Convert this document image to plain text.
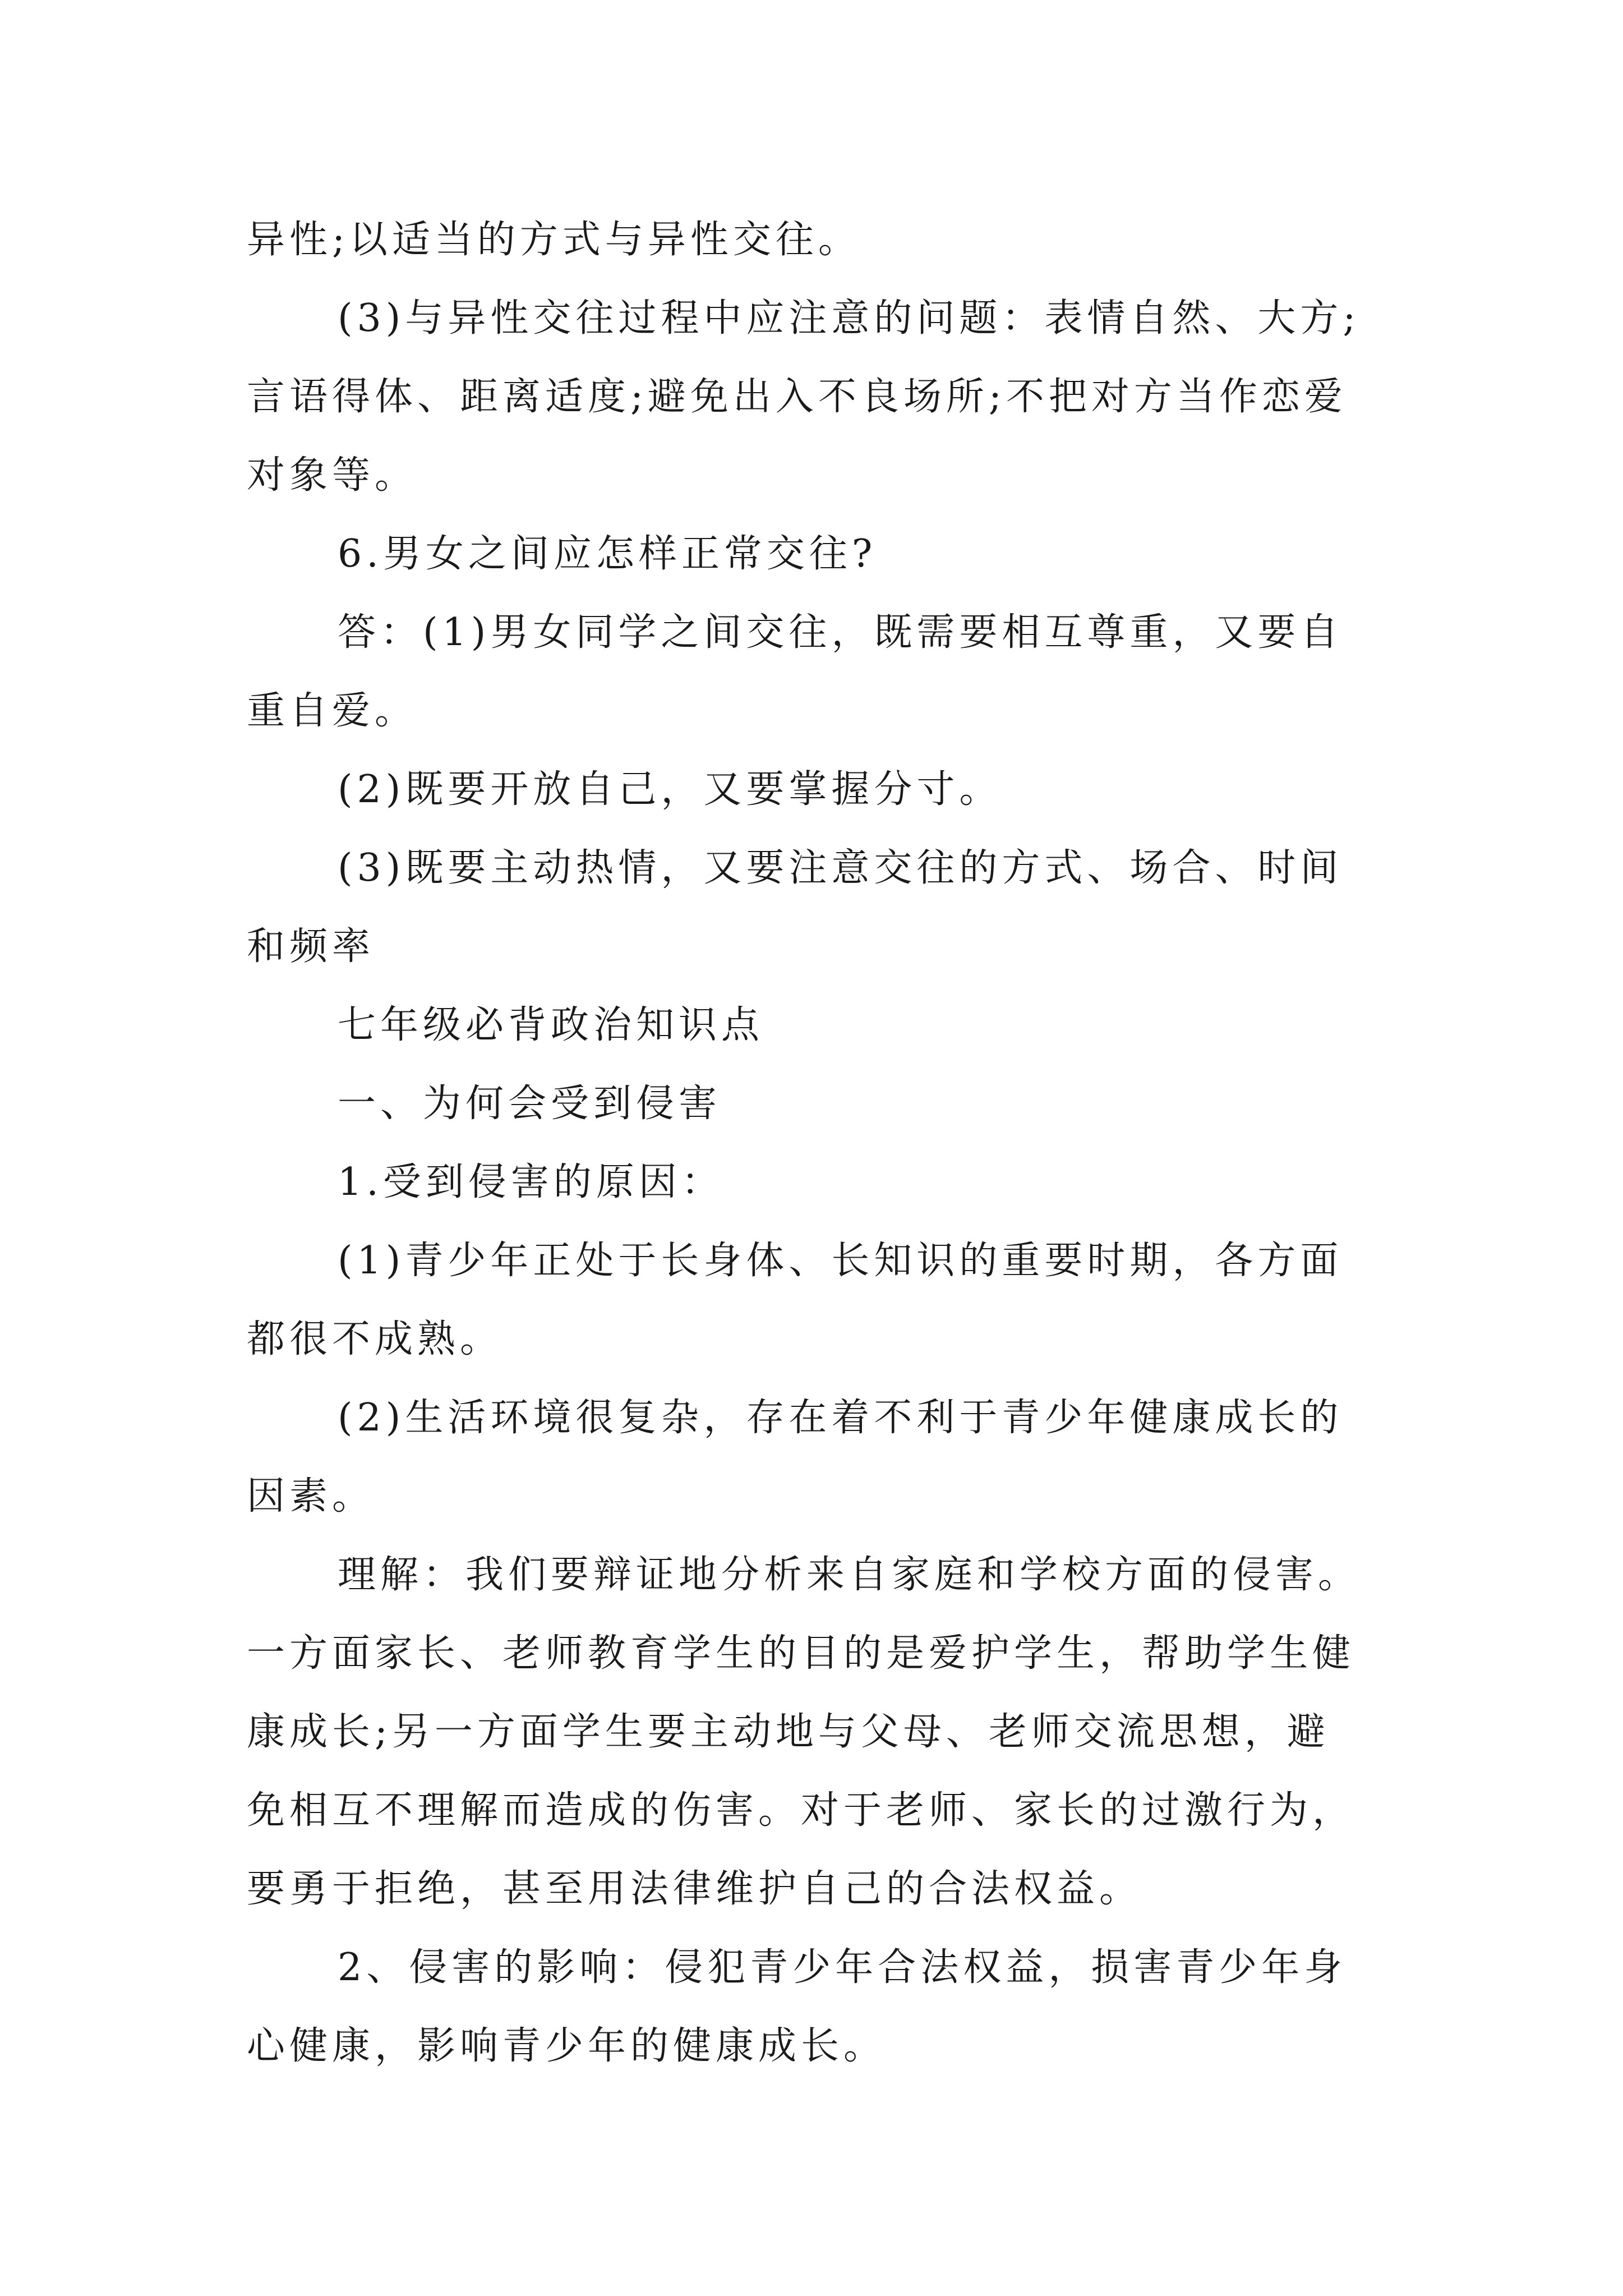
异性;以适当的方式与异性交往。
(3)与异性交往过程中应注意的问题：表情自然、大方;
言语得体、距离适度;避免出入不良场所;不把对方当作恋爱
对象等。
6.男女之间应怎样正常交往?
答：(1)男女同学之间交往，既需要相互尊重，又要自
重自爱。
(2)既要开放自己，又要掌握分寸。
(3)既要主动热情，又要注意交往的方式、场合、时间
和频率
七年级必背政治知识点
一、为何会受到侵害
1.受到侵害的原因：
(1)青少年正处于长身体、长知识的重要时期，各方面
都很不成熟。
(2)生活环境很复杂，存在着不利于青少年健康成长的
因素。
理解：我们要辩证地分析来自家庭和学校方面的侵害。
一方面家长、老师教育学生的目的是爱护学生，帮助学生健
康成长;另一方面学生要主动地与父母、老师交流思想，避
免相互不理解而造成的伤害。对于老师、家长的过激行为，
要勇于拒绝，甚至用法律维护自己的合法权益。
2、侵害的影响：侵犯青少年合法权益，损害青少年身
心健康，影响青少年的健康成长。
